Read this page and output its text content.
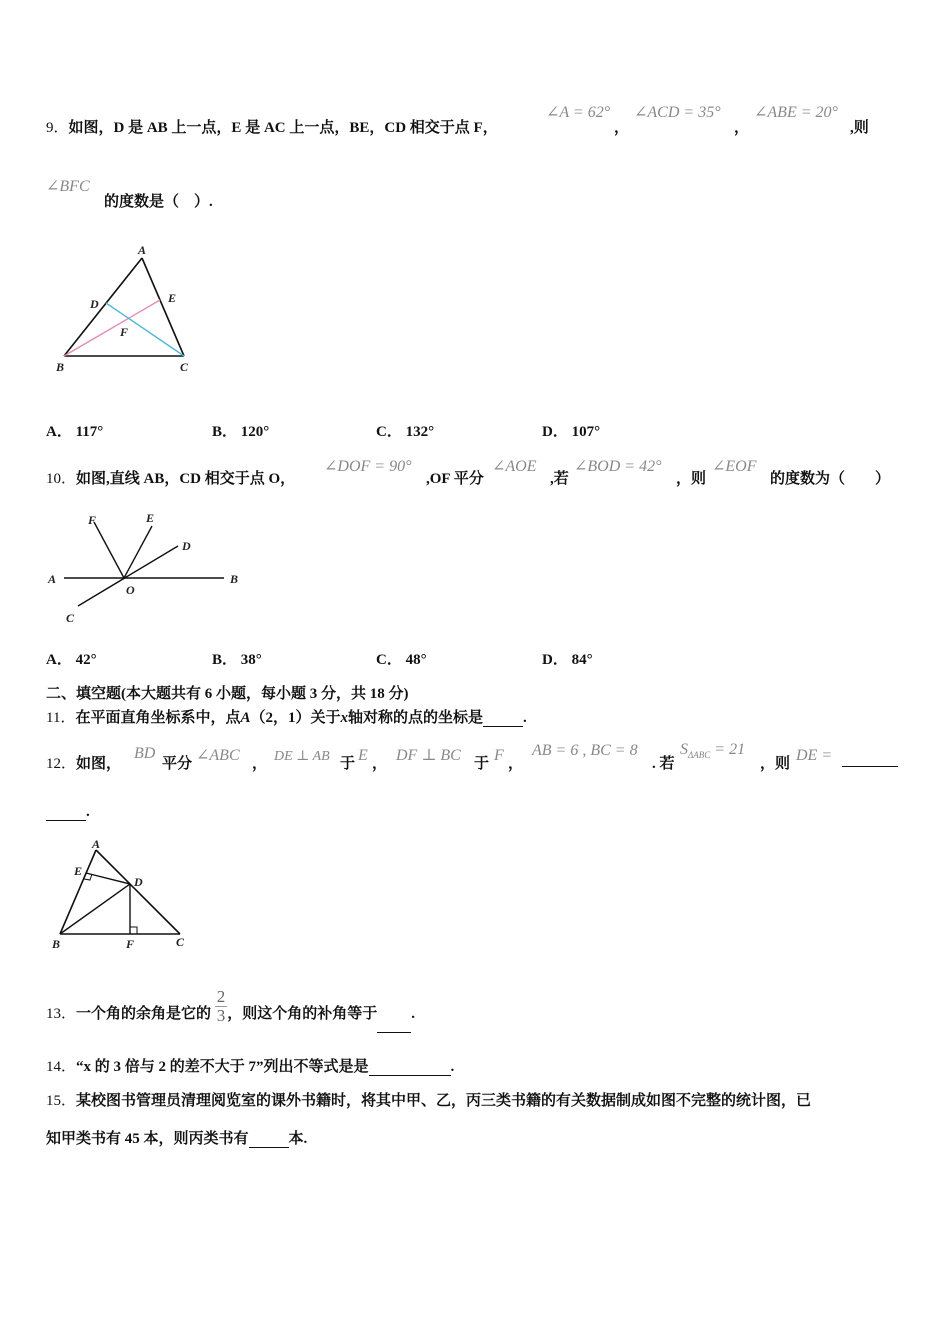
9．如图，D 是 AB 上一点，E 是 AC 上一点，BE，CD 相交于点 F，
∠A = 62°
，
∠ACD = 35°
，
∠ABE = 20°
,则
∠BFC
的度数是（　）.
A
B	C
D	E
F
A． 117°	B． 120°	C． 132°	D． 107°
10．如图,直线 AB，CD 相交于点 O，
∠DOF = 90°
,OF 平分
∠AOE
,若
∠BOD = 42°
，则
∠EOF
的度数为（　　）
A	B
C
D
E
F
O
A． 42°	B． 38°	C． 48°	D． 84°
二、填空题(本大题共有 6 小题，每小题 3 分，共 18 分)
11．在平面直角坐标系中，点A（2，1）关于x轴对称的点的坐标是	.
12．如图，
BD
平分 ∠ABC ， DE ⊥ AB 于 E ， DF ⊥ BC 于 F ，
AB = 6 , BC = 8
. 若
$S_{\Delta ABC} = 21$
，则 DE =
.
A
B	C
D
E
F
13．一个角的余角是它的 $\frac{2}{3}$ ，则这个角的补角等于 .
14．“x 的 3 倍与 2 的差不大于 7”列出不等式是是	.
15．某校图书管理员清理阅览室的课外书籍时，将其中甲、乙，丙三类书籍的有关数据制成如图不完整的统计图，已
知甲类书有 45 本，则丙类书有	本.
